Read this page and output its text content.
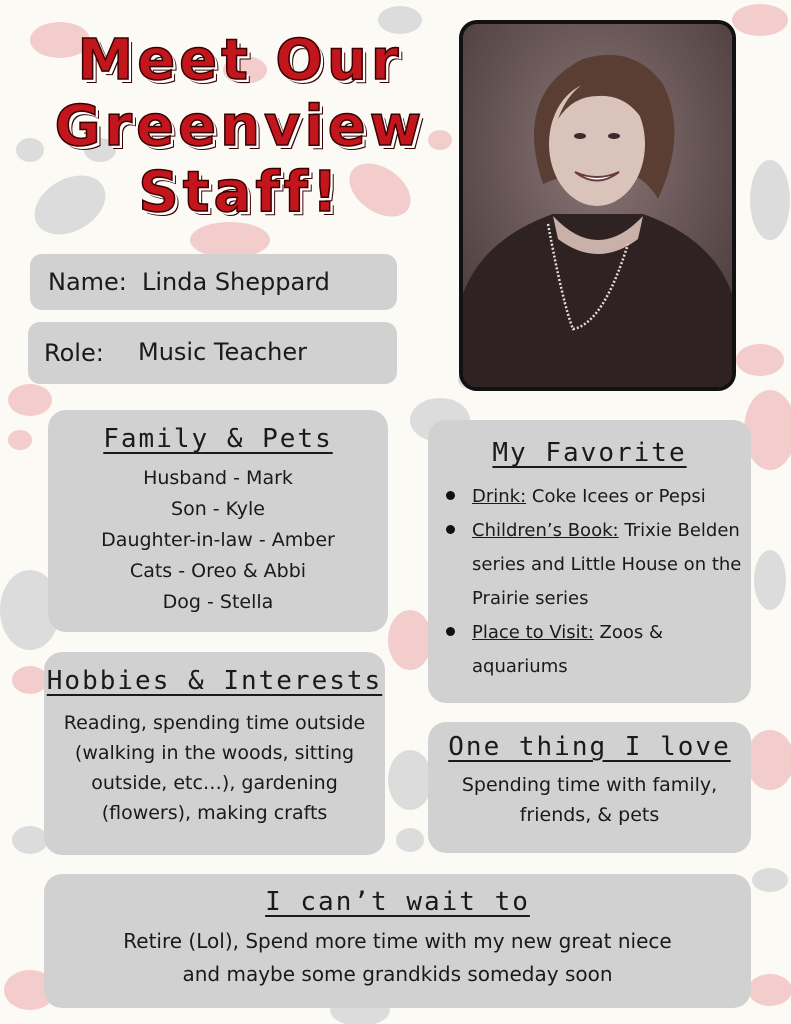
Meet Our
Greenview
Staff!
Name: Linda Sheppard
Role: Music Teacher
Family & Pets
Husband - Mark
Son - Kyle
Daughter-in-law - Amber
Cats - Oreo & Abbi
Dog - Stella
My Favorite
Drink: Coke Icees or Pepsi
Children’s Book: Trixie Belden series and Little House on the Prairie series
Place to Visit: Zoos & aquariums
Hobbies & Interests
Reading, spending time outside (walking in the woods, sitting outside, etc…), gardening (flowers), making crafts
One thing I love
Spending time with family, friends, & pets
I can’t wait to
Retire (Lol), Spend more time with my new great niece
and maybe some grandkids someday soon
